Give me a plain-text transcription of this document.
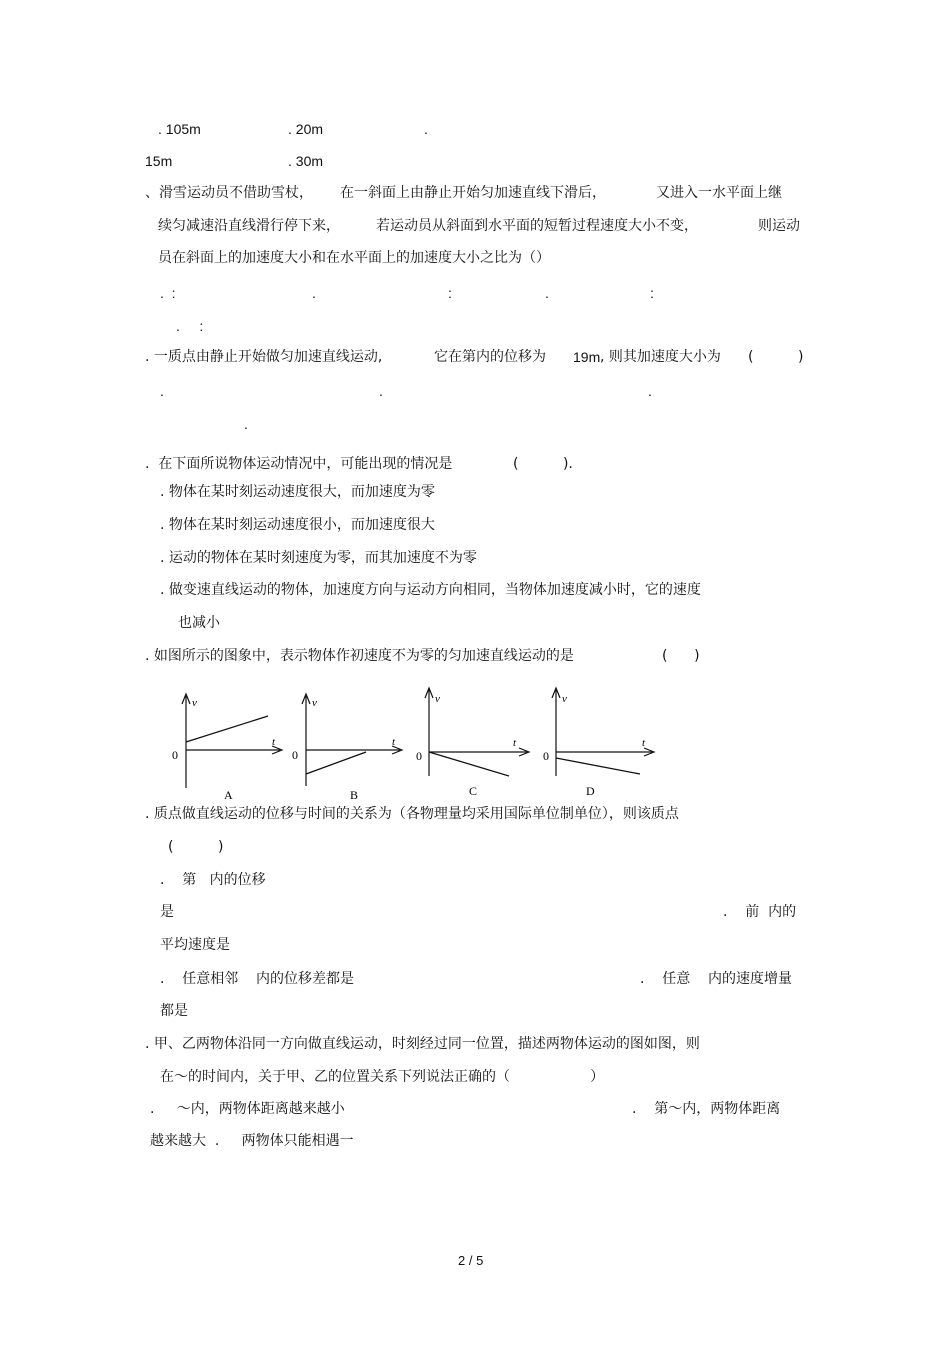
. 105m	. 20m	.
15m	. 30m
、滑雪运动员不借助雪杖， 在一斜面上由静止开始匀加速直线下滑后，	又进入一水平面上继
续匀减速沿直线滑行停下来，	若运动员从斜面到水平面的短暂过程速度大小不变，	则运动
员在斜面上的加速度大小和在水平面上的加速度大小之比为（）
.  :	.	:	.	:
.     :
. 一质点由静止开始做匀加速直线运动,	它在第内的位移为 19m , 则其加速度大小为 (          )
.	.	.
.
.  在下面所说物体运动情况中，可能出现的情况是	(          ).
. 物体在某时刻运动速度很大，而加速度为零
. 物体在某时刻运动速度很小，而加速度很大
. 运动的物体在某时刻速度为零，而其加速度不为零
. 做变速直线运动的物体，加速度方向与运动方向相同，当物体加速度减小时，它的速度
也减小
. 如图所示的图象中，表示物体作初速度不为零的匀加速直线运动的是	(      )
v
t
0
A
v
t
0
B
v
t
0
C
v
t
0
D
. 质点做直线运动的位移与时间的关系为（各物理量均采用国际单位制单位），则该质点
(          )
.    第   内的位移
是	.    前  内的
平均速度是
.    任意相邻    内的位移差都是	.    任意    内的速度增量
都是
. 甲、乙两物体沿同一方向做直线运动，时刻经过同一位置，描述两物体运动的图如图，则
在～的时间内，关于甲、乙的位置关系下列说法正确的（                  ）
.     ～内，两物体距离越来越小	.    第～内，两物体距离
越来越大  .     两物体只能相遇一
2 / 5
